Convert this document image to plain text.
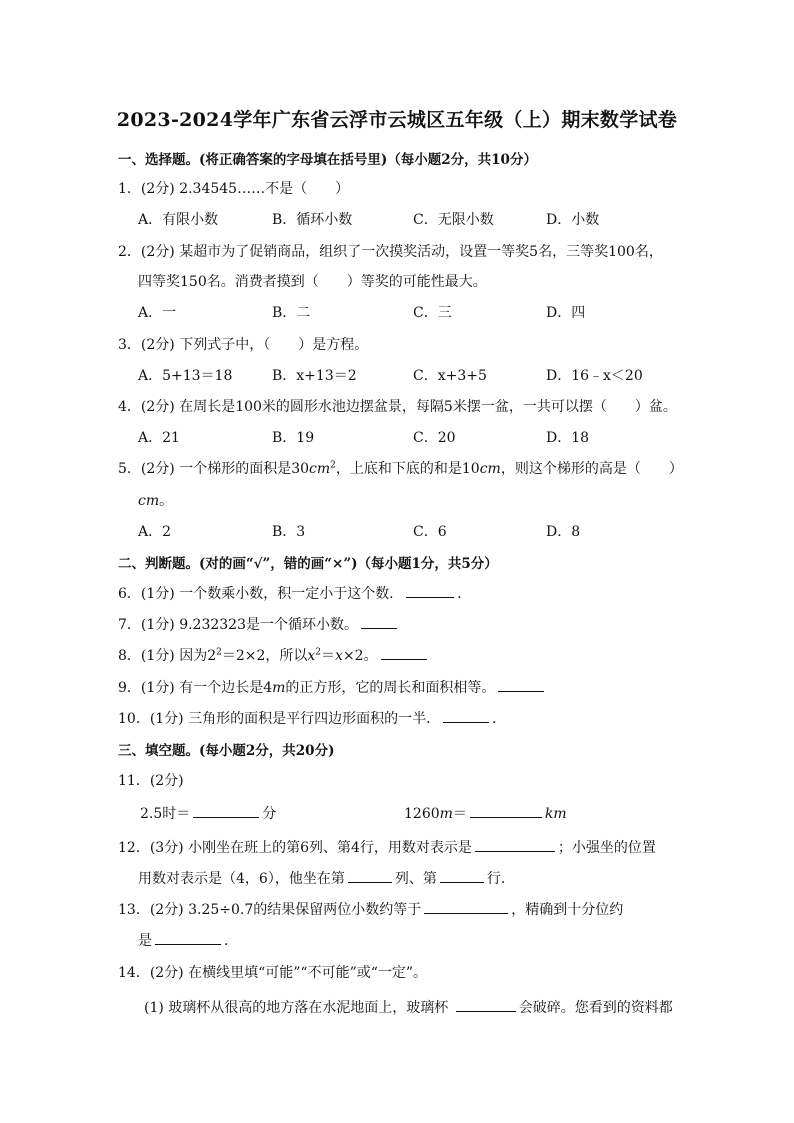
2023-2024学年广东省云浮市云城区五年级（上）期末数学试卷
一、选择题。(将正确答案的字母填在括号里)（每小题2分，共10分）
1．(2分) 2.34545……不是（　　）
A．有限小数	B．循环小数	C．无限小数	D．小数
2．(2分) 某超市为了促销商品，组织了一次摸奖活动，设置一等奖5名，三等奖100名，
四等奖150名。消费者摸到（　　）等奖的可能性最大。
A．一	B．二	C．三	D．四
3．(2分) 下列式子中，（　　）是方程。
A．5+13＝18	B．x+13＝2	C．x+3+5	D．16﹣x＜20
4．(2分) 在周长是100米的圆形水池边摆盆景，每隔5米摆一盆，一共可以摆（　　）盆。
A．21	B．19	C．20	D．18
5．(2分) 一个梯形的面积是$30cm^2$，上底和下底的和是10cm，则这个梯形的高是（　　）
cm。
A．2	B．3	C．6	D．8
二、判断题。(对的画“√”，错的画“×”)（每小题1分，共5分）
6．(1分) 一个数乘小数，积一定小于这个数．	．
7．(1分) 9.232323是一个循环小数。
8．(1分) 因为$2^2=2\times 2$，所以$x^2=x\times 2$。
9．(1分) 有一个边长是4m的正方形，它的周长和面积相等。
10．(1分) 三角形的面积是平行四边形面积的一半．	．
三、填空题。(每小题2分，共20分)
11．(2分)
2.5时＝	分	1260m＝	km
12．(3分) 小刚坐在班上的第6列、第4行，用数对表示是	；小强坐的位置
用数对表示是（4，6），他坐在第	列、第	行．
13．(2分) 3.25÷0.7的结果保留两位小数约等于	，精确到十分位约
是	．
14．(2分) 在横线里填“可能”“不可能”或“一定”。
(1) 玻璃杯从很高的地方落在水泥地面上，玻璃杯	会破碎。您看到的资料都
